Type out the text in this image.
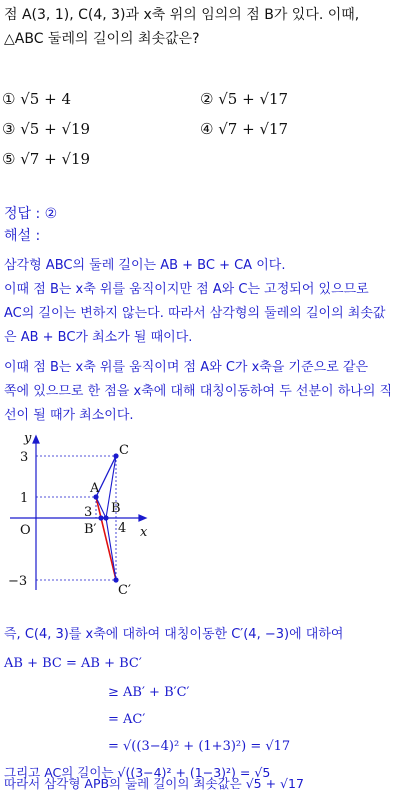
점 A(3, 1), C(4, 3)과 x축 위의 임의의 점 B가 있다. 이때,
△ABC 둘레의 길이의 최솟값은?
① √5 + 4	② √5 + √17
③ √5 + √19	④ √7 + √17
⑤ √7 + √19
정답 : ②
해설 :
삼각형 ABC의 둘레 길이는 AB + BC + CA 이다.
이때 점 B는 x축 위를 움직이지만 점 A와 C는 고정되어 있으므로
AC의 길이는 변하지 않는다. 따라서 삼각형의 둘레의 길이의 최솟값
은 AB + BC가 최소가 될 때이다.
이때 점 B는 x축 위를 움직이며 점 A와 C가 x축을 기준으로 같은
쪽에 있으므로 한 점을 x축에 대해 대칭이동하여 두 선분이 하나의 직
선이 될 때가 최소이다.
y
x
O
3
1
−3
3
4
A
B
B′
C
C′
즉, C(4, 3)를 x축에 대하여 대칭이동한 C′(4, −3)에 대하여
AB + BC = AB + BC′
≥ AB′ + B′C′
= AC′
= √((3−4)² + (1+3)²) = √17
그리고 AC의 길이는 √((3−4)² + (1−3)²) = √5
따라서 삼각형 APB의 둘레 길이의 최솟값은 √5 + √17
